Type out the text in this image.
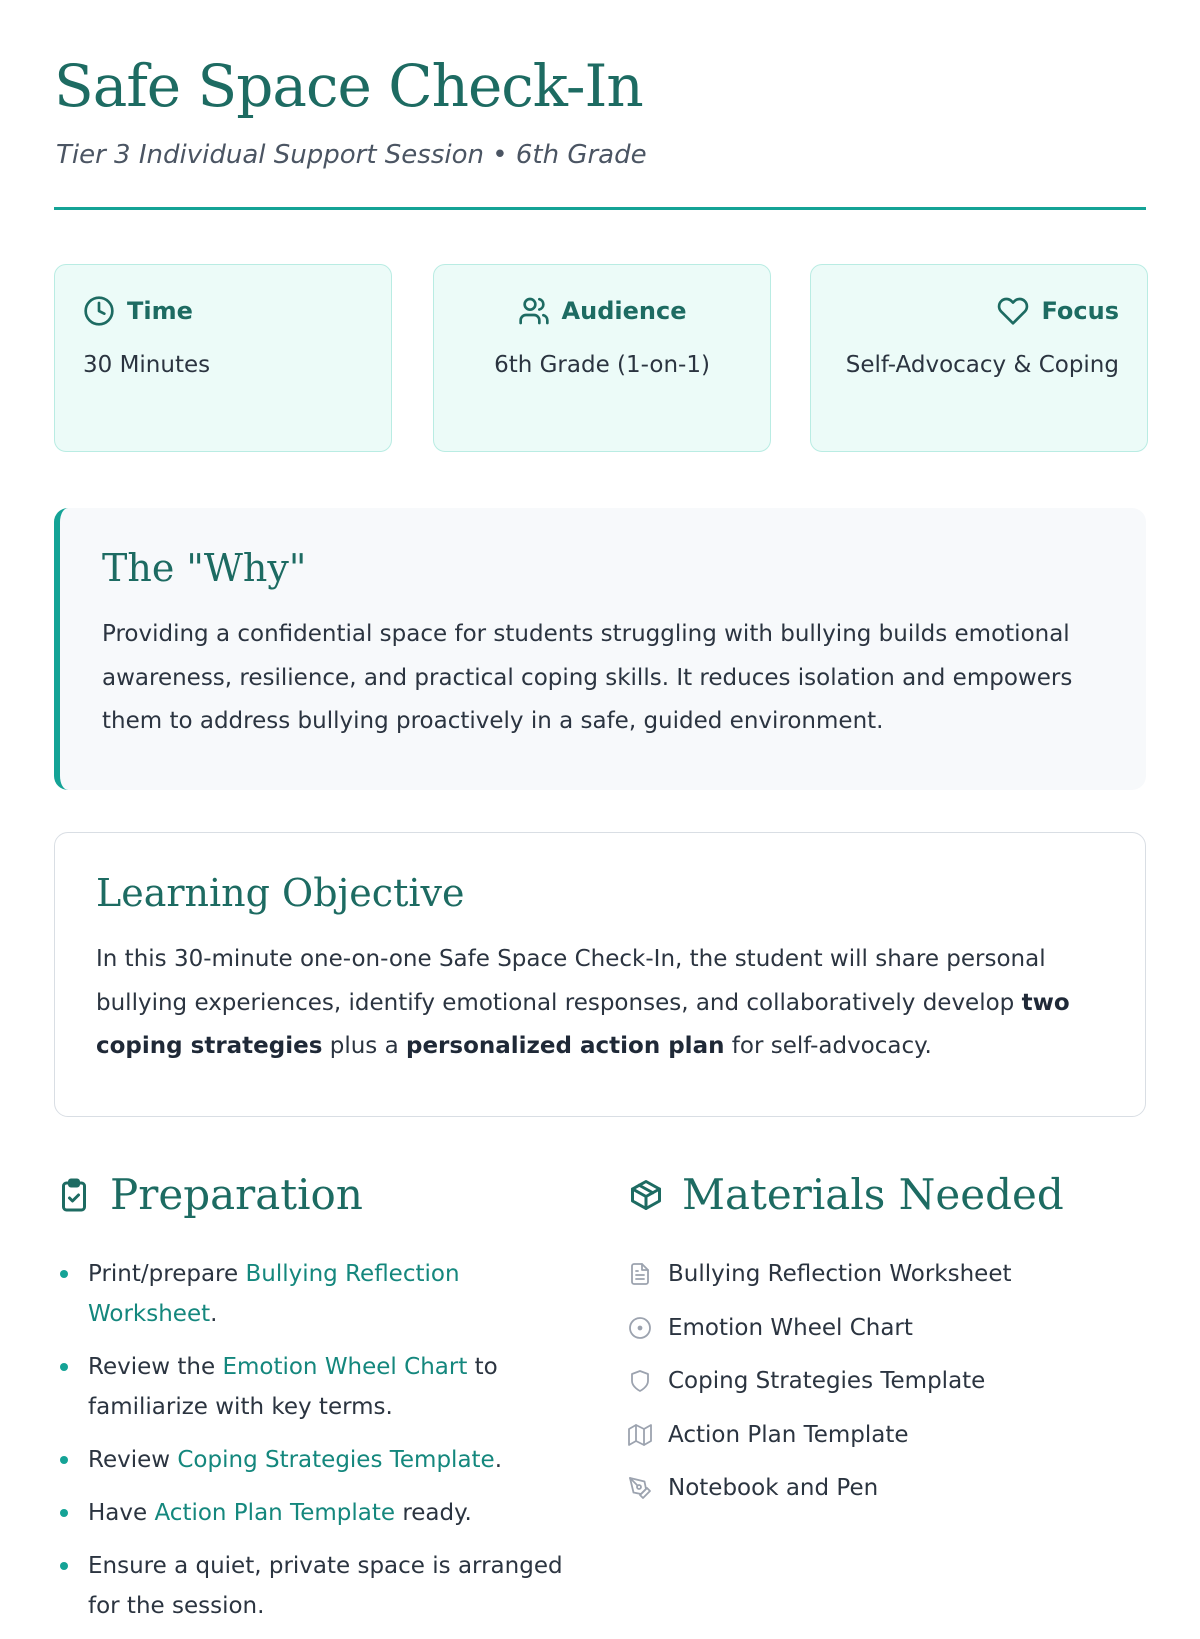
Safe Space Check-In

Tier 3 Individual Support Session • 6th Grade

Time
30 Minutes
Audience
6th Grade (1-on-1)
Focus
Self-Advocacy & Coping
The "Why"

Providing a confidential space for students struggling with bullying builds emotional awareness, resilience, and practical coping skills. It reduces isolation and empowers them to address bullying proactively in a safe, guided environment.

Learning Objective

In this 30-minute one-on-one Safe Space Check-In, the student will share personal bullying experiences, identify emotional responses, and collaboratively develop two coping strategies plus a personalized action plan for self-advocacy.

Preparation	Materials Needed
Print/prepare Bullying Reflection Worksheet.
Review the Emotion Wheel Chart to familiarize with key terms.
Review Coping Strategies Template.
Have Action Plan Template ready.
Ensure a quiet, private space is arranged for the session.
Bullying Reflection Worksheet
Emotion Wheel Chart
Coping Strategies Template
Action Plan Template
Notebook and Pen
